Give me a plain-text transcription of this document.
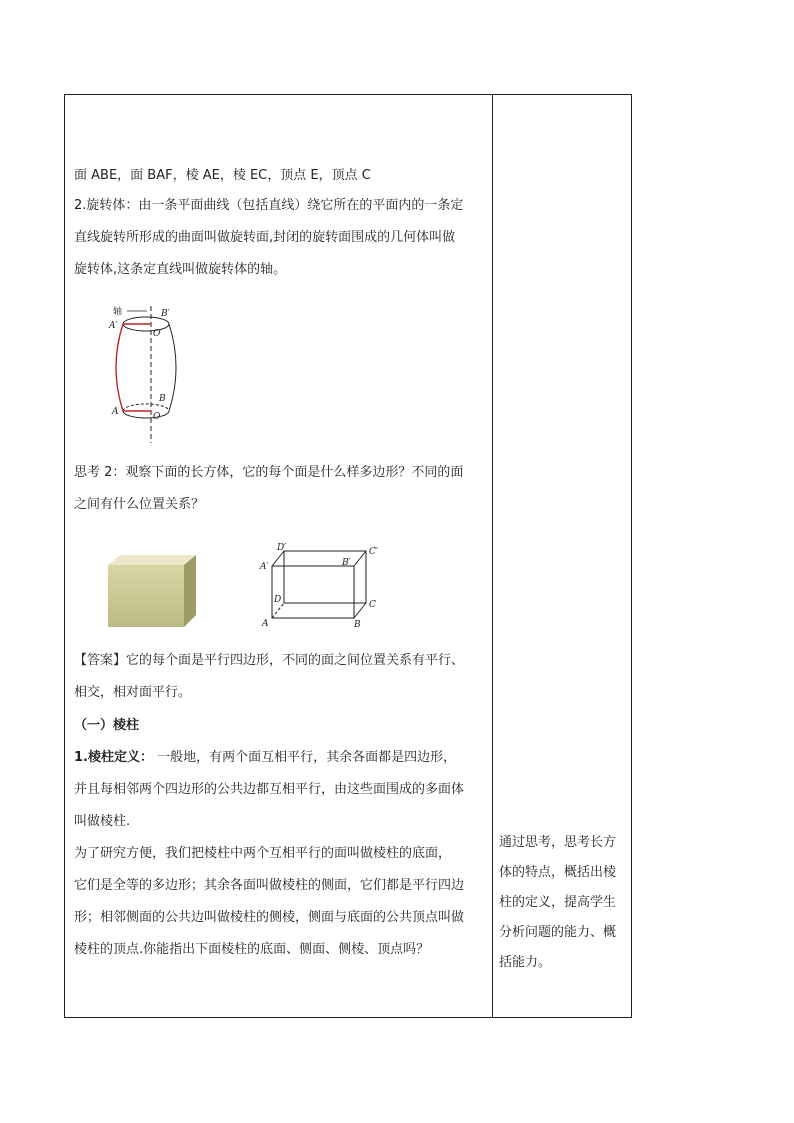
面 ABE，面 BAF，棱 AE，棱 EC，顶点 E，顶点 C
2.旋转体：由一条平面曲线（包括直线）绕它所在的平面内的一条定
直线旋转所形成的曲面叫做旋转面,封闭的旋转面围成的几何体叫做
旋转体,这条定直线叫做旋转体的轴。
轴
A′
B′
O′
A
B
O
思考 2：观察下面的长方体，它的每个面是什么样多边形？不同的面
之间有什么位置关系？
D′	C′
A′	B′
D	C
A	B
【答案】它的每个面是平行四边形，不同的面之间位置关系有平行、
相交，相对面平行。
（一）棱柱
1.棱柱定义： 一般地，有两个面互相平行，其余各面都是四边形，
并且每相邻两个四边形的公共边都互相平行，由这些面围成的多面体
叫做棱柱.
为了研究方便，我们把棱柱中两个互相平行的面叫做棱柱的底面，
它们是全等的多边形；其余各面叫做棱柱的侧面，它们都是平行四边
形；相邻侧面的公共边叫做棱柱的侧棱，侧面与底面的公共顶点叫做
棱柱的顶点.你能指出下面棱柱的底面、侧面、侧棱、顶点吗？
通过思考，思考长方
体的特点，概括出棱
柱的定义，提高学生
分析问题的能力、概
括能力。
